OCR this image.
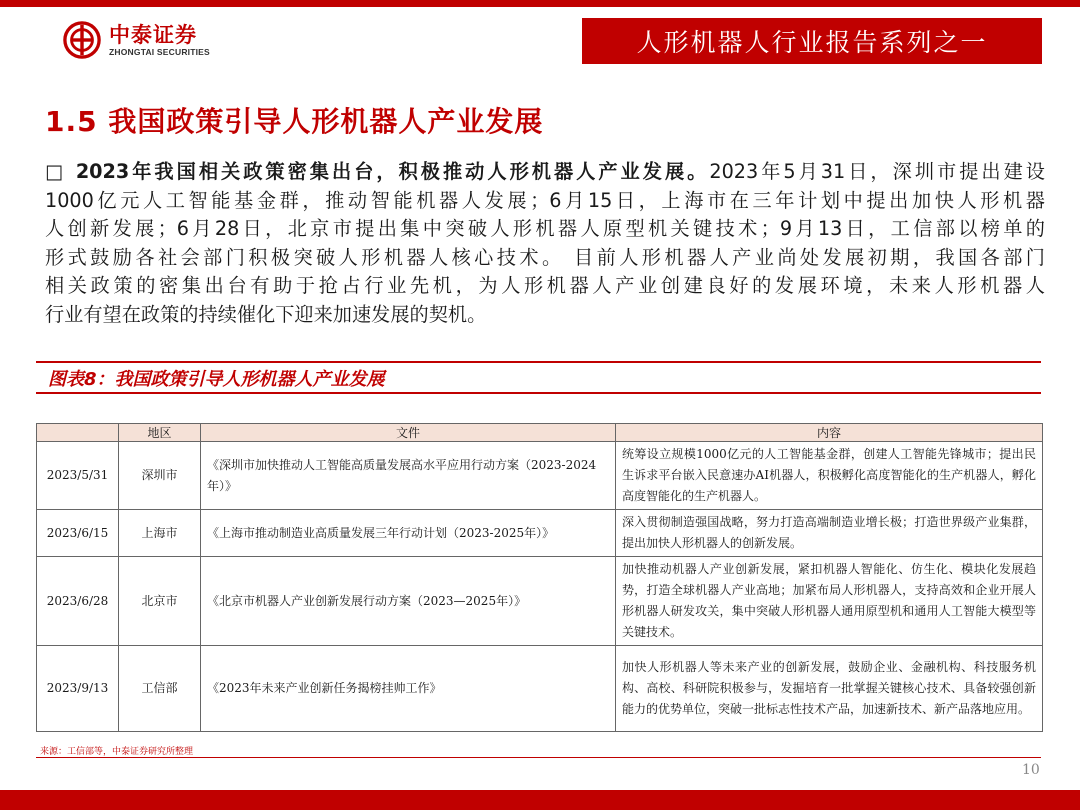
中泰证券
ZHONGTAI SECURITIES	人形机器人行业报告系列之一
1.5 我国政策引导人形机器人产业发展
□ 2023年我国相关政策密集出台，积极推动人形机器人产业发展。2023年5月31日，深圳市提出建设
1000亿元人工智能基金群，推动智能机器人发展；6月15日，上海市在三年计划中提出加快人形机器
人创新发展；6月28日，北京市提出集中突破人形机器人原型机关键技术；9月13日，工信部以榜单的
形式鼓励各社会部门积极突破人形机器人核心技术。 目前人形机器人产业尚处发展初期，我国各部门
相关政策的密集出台有助于抢占行业先机，为人形机器人产业创建良好的发展环境，未来人形机器人
行业有望在政策的持续催化下迎来加速发展的契机。
图表8：我国政策引导人形机器人产业发展
	地区	文件	内容
2023/5/31	深圳市	《深圳市加快推动人工智能高质量发展高水平应用行动方案（2023-2024年）》	统筹设立规模1000亿元的人工智能基金群，创建人工智能先锋城市；提出民生诉求平台嵌入民意速办AI机器人，积极孵化高度智能化的生产机器人，孵化高度智能化的生产机器人。
2023/6/15	上海市	《上海市推动制造业高质量发展三年行动计划（2023-2025年）》	深入贯彻制造强国战略，努力打造高端制造业增长极；打造世界级产业集群，提出加快人形机器人的创新发展。
2023/6/28	北京市	《北京市机器人产业创新发展行动方案（2023—2025年）》	加快推动机器人产业创新发展，紧扣机器人智能化、仿生化、模块化发展趋势，打造全球机器人产业高地；加紧布局人形机器人，支持高效和企业开展人形机器人研发攻关，集中突破人形机器人通用原型机和通用人工智能大模型等关键技术。
2023/9/13	工信部	《2023年未来产业创新任务揭榜挂帅工作》	加快人形机器人等未来产业的创新发展，鼓励企业、金融机构、科技服务机构、高校、科研院积极参与，发掘培育一批掌握关键核心技术、具备较强创新能力的优势单位，突破一批标志性技术产品，加速新技术、新产品落地应用。
来源：工信部等，中泰证券研究所整理
10
